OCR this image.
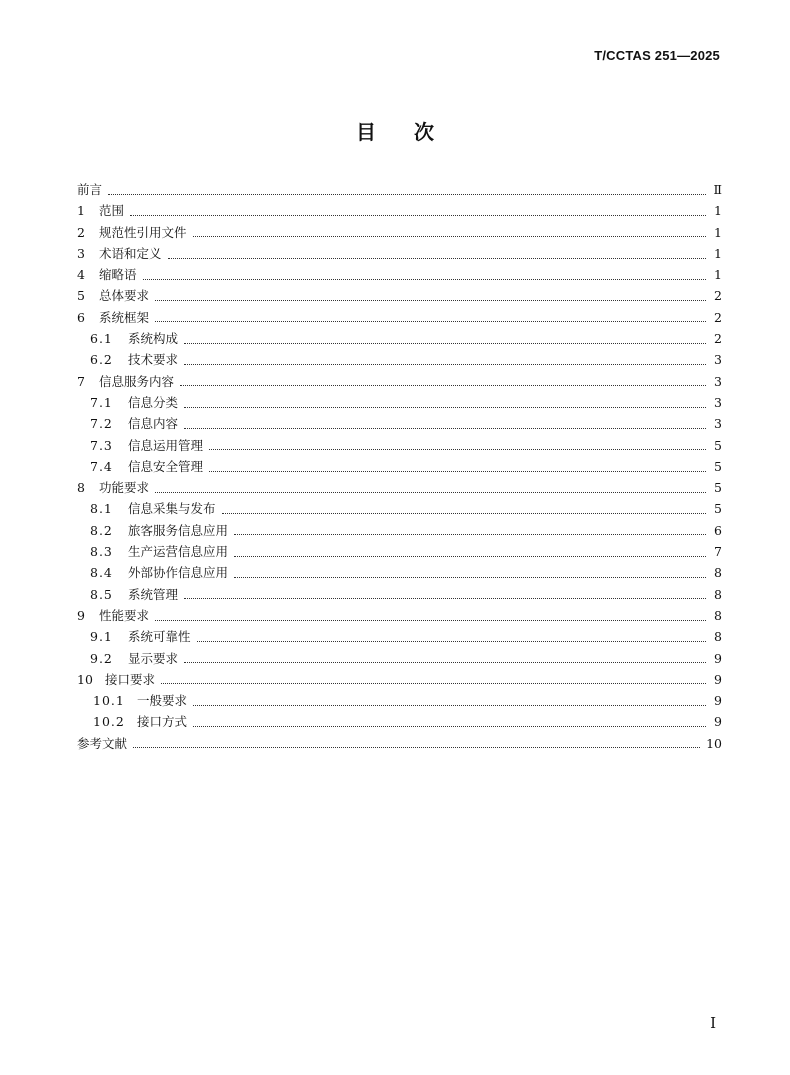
T/CCTAS 251—2025
目 次
前言	Ⅱ
1	范围	1
2	规范性引用文件	1
3	术语和定义	1
4	缩略语	1
5	总体要求	2
6	系统框架	2
6.1	系统构成	2
6.2	技术要求	3
7	信息服务内容	3
7.1	信息分类	3
7.2	信息内容	3
7.3	信息运用管理	5
7.4	信息安全管理	5
8	功能要求	5
8.1	信息采集与发布	5
8.2	旅客服务信息应用	6
8.3	生产运营信息应用	7
8.4	外部协作信息应用	8
8.5	系统管理	8
9	性能要求	8
9.1	系统可靠性	8
9.2	显示要求	9
10 接口要求	9
10.1 一般要求	9
10.2 接口方式	9
参考文献	10
I
